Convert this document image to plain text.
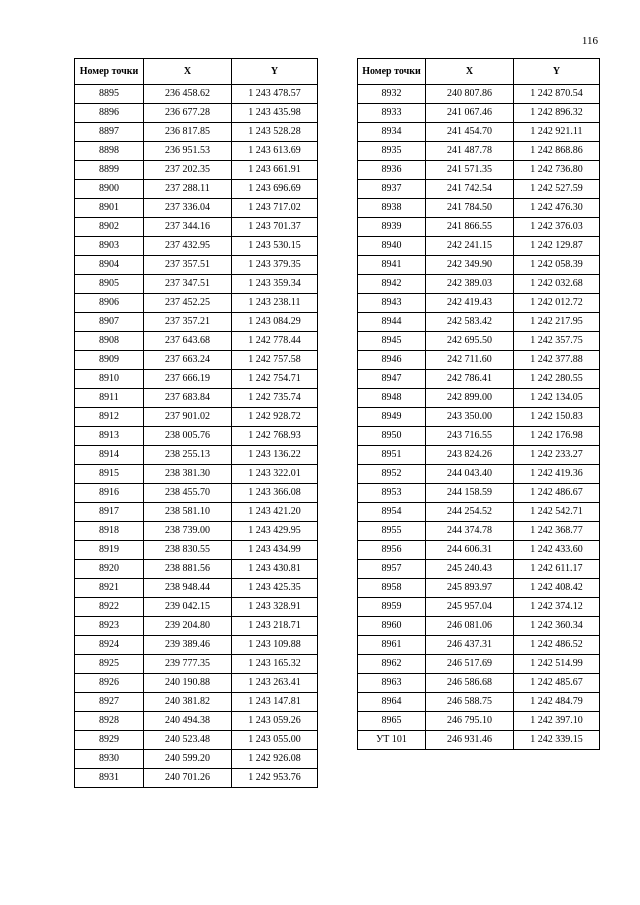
116
Номер точки	X	Y
8895	236 458.62	1 243 478.57
8896	236 677.28	1 243 435.98
8897	236 817.85	1 243 528.28
8898	236 951.53	1 243 613.69
8899	237 202.35	1 243 661.91
8900	237 288.11	1 243 696.69
8901	237 336.04	1 243 717.02
8902	237 344.16	1 243 701.37
8903	237 432.95	1 243 530.15
8904	237 357.51	1 243 379.35
8905	237 347.51	1 243 359.34
8906	237 452.25	1 243 238.11
8907	237 357.21	1 243 084.29
8908	237 643.68	1 242 778.44
8909	237 663.24	1 242 757.58
8910	237 666.19	1 242 754.71
8911	237 683.84	1 242 735.74
8912	237 901.02	1 242 928.72
8913	238 005.76	1 242 768.93
8914	238 255.13	1 243 136.22
8915	238 381.30	1 243 322.01
8916	238 455.70	1 243 366.08
8917	238 581.10	1 243 421.20
8918	238 739.00	1 243 429.95
8919	238 830.55	1 243 434.99
8920	238 881.56	1 243 430.81
8921	238 948.44	1 243 425.35
8922	239 042.15	1 243 328.91
8923	239 204.80	1 243 218.71
8924	239 389.46	1 243 109.88
8925	239 777.35	1 243 165.32
8926	240 190.88	1 243 263.41
8927	240 381.82	1 243 147.81
8928	240 494.38	1 243 059.26
8929	240 523.48	1 243 055.00
8930	240 599.20	1 242 926.08
8931	240 701.26	1 242 953.76
Номер точки	X	Y
8932	240 807.86	1 242 870.54
8933	241 067.46	1 242 896.32
8934	241 454.70	1 242 921.11
8935	241 487.78	1 242 868.86
8936	241 571.35	1 242 736.80
8937	241 742.54	1 242 527.59
8938	241 784.50	1 242 476.30
8939	241 866.55	1 242 376.03
8940	242 241.15	1 242 129.87
8941	242 349.90	1 242 058.39
8942	242 389.03	1 242 032.68
8943	242 419.43	1 242 012.72
8944	242 583.42	1 242 217.95
8945	242 695.50	1 242 357.75
8946	242 711.60	1 242 377.88
8947	242 786.41	1 242 280.55
8948	242 899.00	1 242 134.05
8949	243 350.00	1 242 150.83
8950	243 716.55	1 242 176.98
8951	243 824.26	1 242 233.27
8952	244 043.40	1 242 419.36
8953	244 158.59	1 242 486.67
8954	244 254.52	1 242 542.71
8955	244 374.78	1 242 368.77
8956	244 606.31	1 242 433.60
8957	245 240.43	1 242 611.17
8958	245 893.97	1 242 408.42
8959	245 957.04	1 242 374.12
8960	246 081.06	1 242 360.34
8961	246 437.31	1 242 486.52
8962	246 517.69	1 242 514.99
8963	246 586.68	1 242 485.67
8964	246 588.75	1 242 484.79
8965	246 795.10	1 242 397.10
УТ 101	246 931.46	1 242 339.15
